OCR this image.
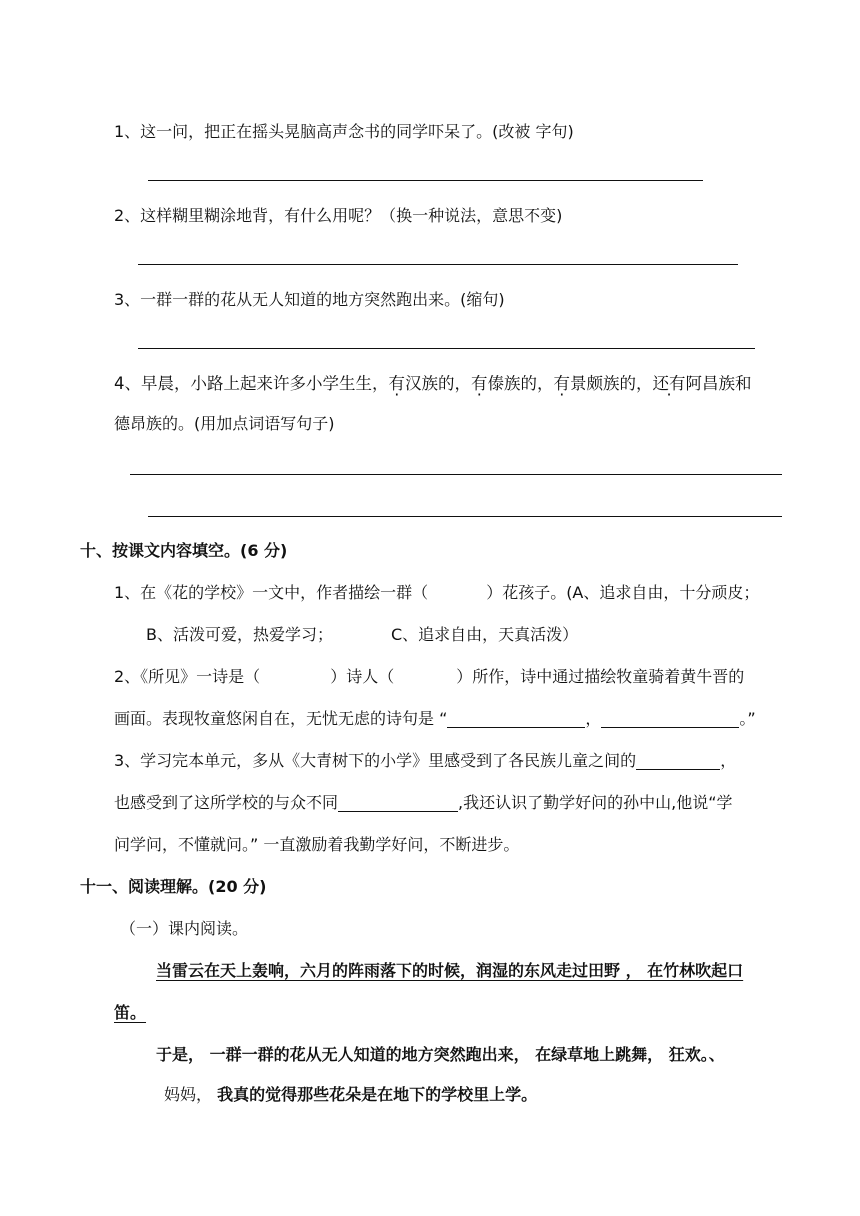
1、这一问，把正在摇头晃脑高声念书的同学吓呆了。(改被 字句)
2、这样糊里糊涂地背，有什么用呢？（换一种说法，意思不变)
3、一群一群的花从无人知道的地方突然跑出来。(缩句)
4、早晨，小路上起来许多小学生生，有汉族的，有傣族的，有景颇族的，还有阿昌族和
德昂族的。(用加点词语写句子)
十、按课文内容填空。(6 分)
1、在《花的学校》一文中，作者描绘一群（	）花孩子。(A、追求自由，十分顽皮；
B、活泼可爱，热爱学习；	C、追求自由，天真活泼）
2、《所见》一诗是（	）诗人（	）所作，诗中通过描绘牧童骑着黄牛晋的
画面。表现牧童悠闲自在，无忧无虑的诗句是 “	，	。”
3、学习完本单元，多从《大青树下的小学》里感受到了各民族儿童之间的	，
也感受到了这所学校的与众不同	,我还认识了勤学好问的孙中山,他说“学
问学问，不懂就问。” 一直激励着我勤学好问，不断进步。
十一、阅读理解。(20 分)
（一）课内阅读。
当雷云在天上轰响，六月的阵雨落下的时候，润湿的东风走过田野 ， 在竹林吹起口
笛。
于是， 一群一群的花从无人知道的地方突然跑出来， 在绿草地上跳舞， 狂欢。、
妈妈， 我真的觉得那些花朵是在地下的学校里上学。
